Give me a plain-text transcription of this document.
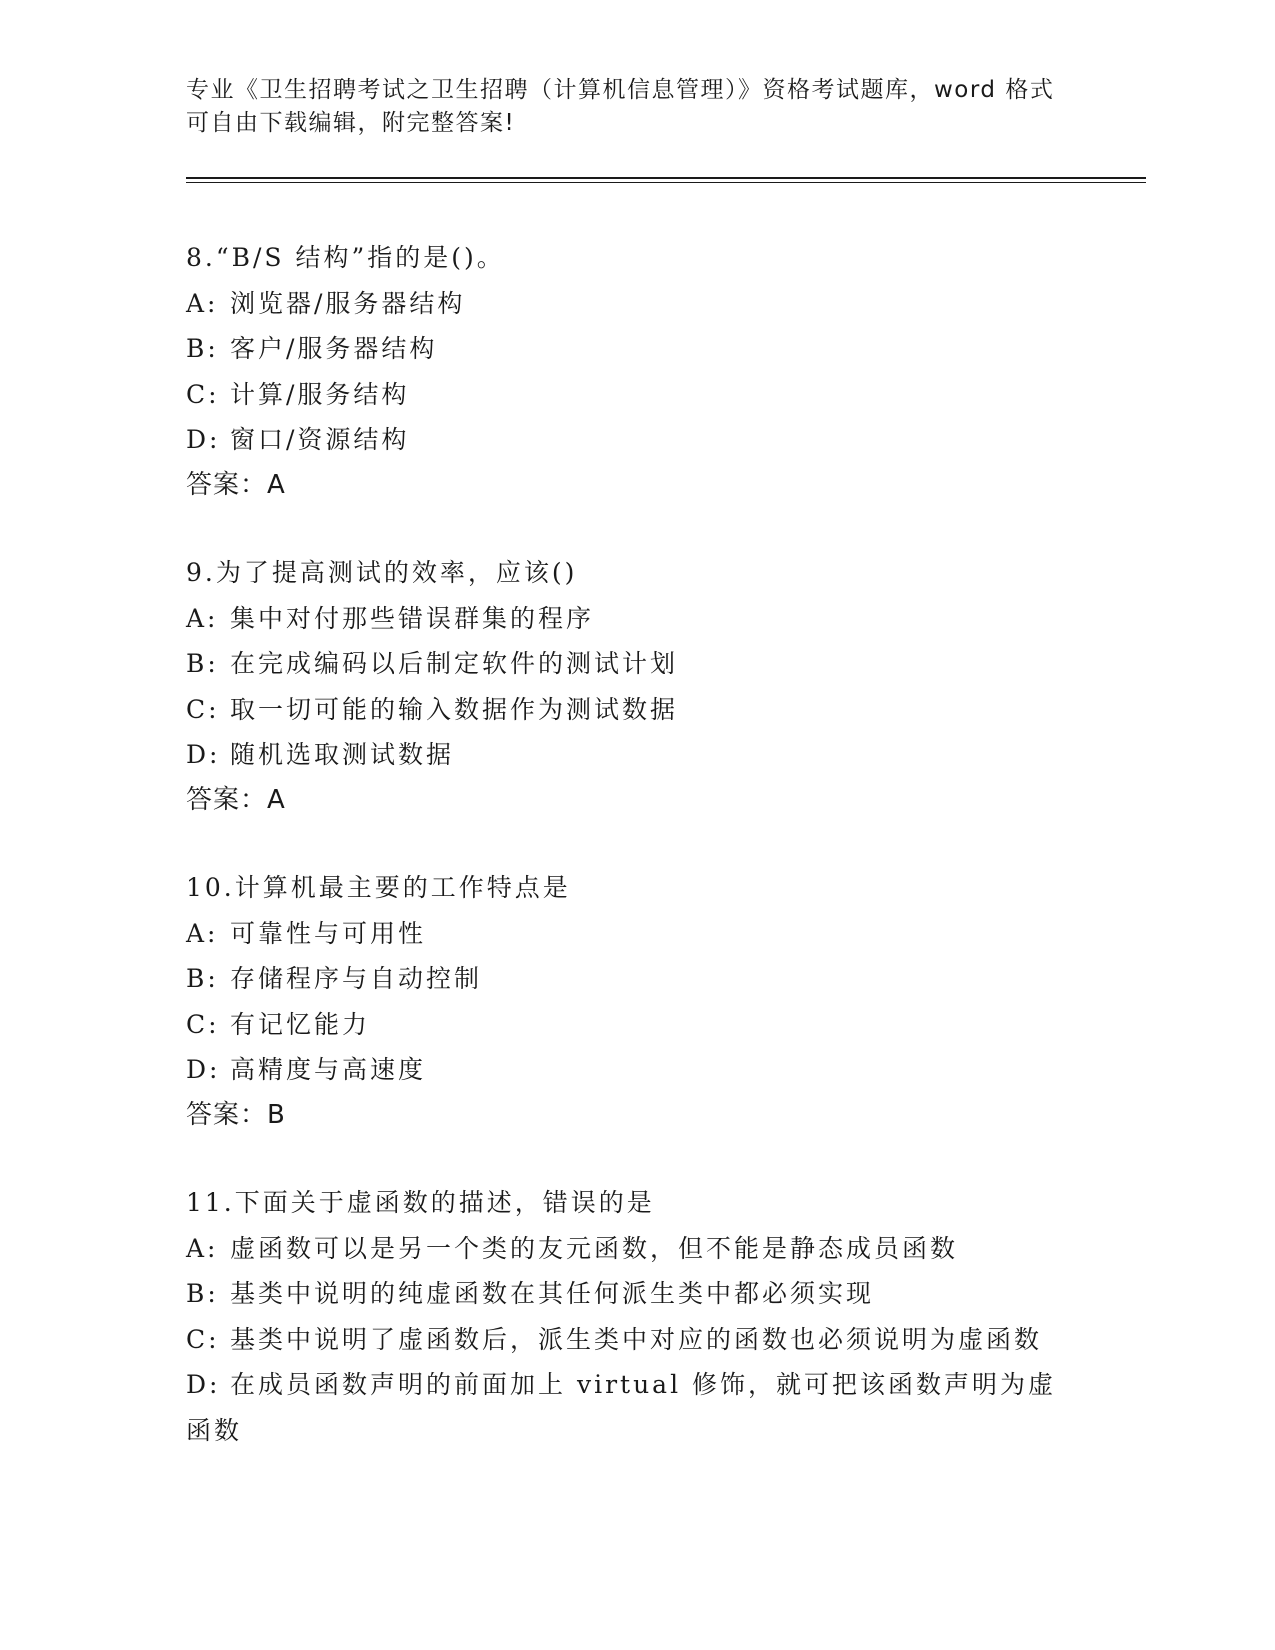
专业《卫生招聘考试之卫生招聘（计算机信息管理）》资格考试题库，word 格式

可自由下载编辑，附完整答案!

8.“B/S 结构”指的是()。

A: 浏览器/服务器结构

B: 客户/服务器结构

C: 计算/服务结构

D: 窗口/资源结构

答案：A

9.为了提高测试的效率，应该()

A: 集中对付那些错误群集的程序

B: 在完成编码以后制定软件的测试计划

C: 取一切可能的输入数据作为测试数据

D: 随机选取测试数据

答案：A

10.计算机最主要的工作特点是

A: 可靠性与可用性

B: 存储程序与自动控制

C: 有记忆能力

D: 高精度与高速度

答案：B

11.下面关于虚函数的描述，错误的是

A: 虚函数可以是另一个类的友元函数，但不能是静态成员函数

B: 基类中说明的纯虚函数在其任何派生类中都必须实现

C: 基类中说明了虚函数后，派生类中对应的函数也必须说明为虚函数

D: 在成员函数声明的前面加上 virtual 修饰，就可把该函数声明为虚函数
